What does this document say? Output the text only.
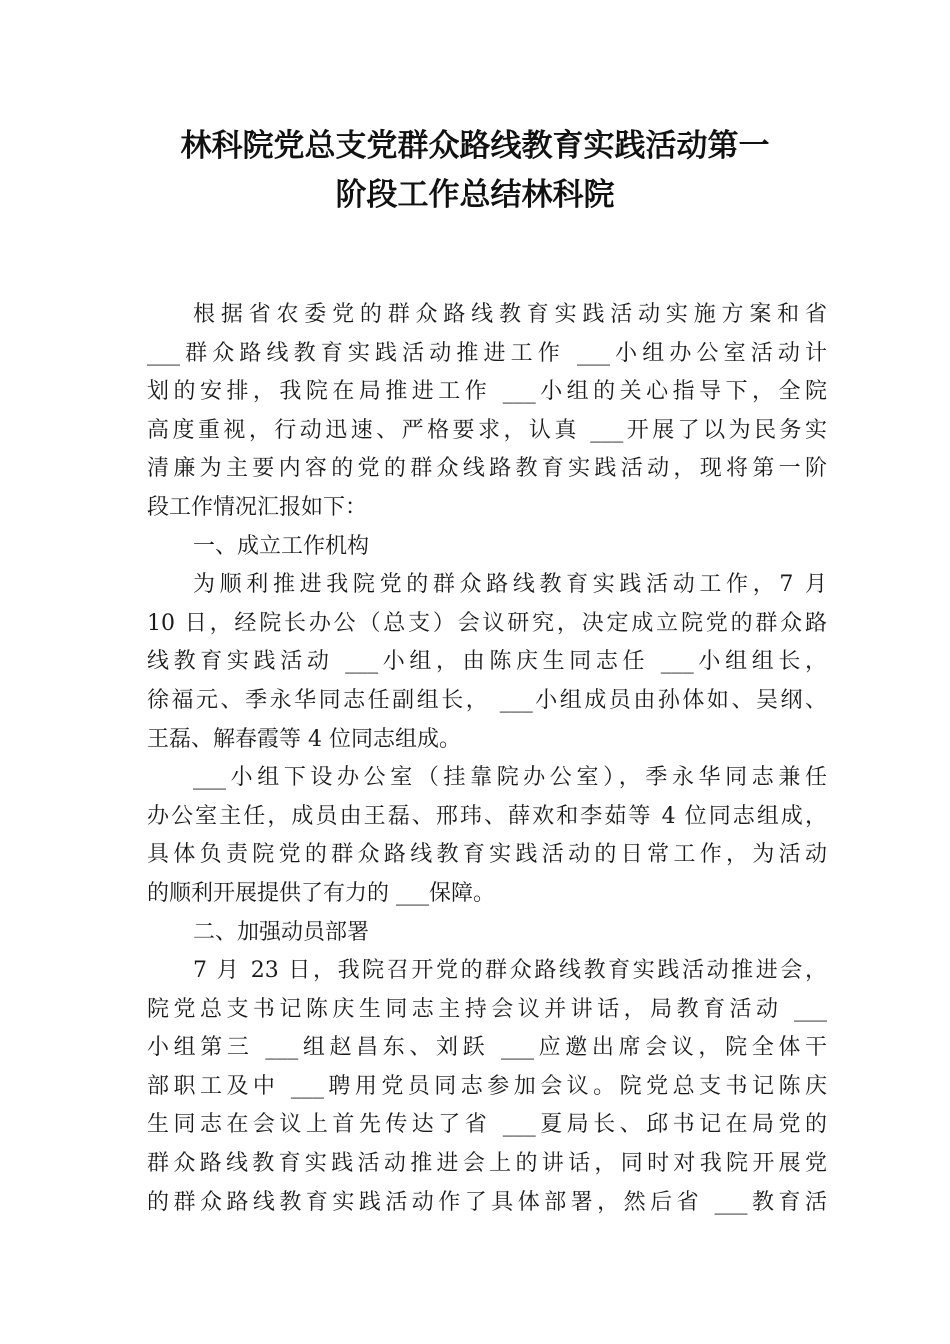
林科院党总支党群众路线教育实践活动第一
阶段工作总结林科院
根据省农委党的群众路线教育实践活动实施方案和省
___群众路线教育实践活动推进工作 ___小组办公室活动计
划的安排，我院在局推进工作 ___小组的关心指导下，全院
高度重视，行动迅速、严格要求，认真 ___开展了以为民务实
清廉为主要内容的党的群众线路教育实践活动，现将第一阶
段工作情况汇报如下：
一、成立工作机构
为顺利推进我院党的群众路线教育实践活动工作，7 月
10 日，经院长办公（总支）会议研究，决定成立院党的群众路
线教育实践活动 ___小组，由陈庆生同志任 ___小组组长，
徐福元、季永华同志任副组长， ___小组成员由孙体如、吴纲、
王磊、解春霞等 4 位同志组成。
___小组下设办公室（挂靠院办公室），季永华同志兼任
办公室主任，成员由王磊、邢玮、薛欢和李茹等 4 位同志组成，
具体负责院党的群众路线教育实践活动的日常工作，为活动
的顺利开展提供了有力的 ___保障。
二、加强动员部署
7 月 23 日，我院召开党的群众路线教育实践活动推进会，
院党总支书记陈庆生同志主持会议并讲话，局教育活动 ___
小组第三 ___组赵昌东、刘跃 ___应邀出席会议，院全体干
部职工及中 ___聘用党员同志参加会议。院党总支书记陈庆
生同志在会议上首先传达了省 ___夏局长、邱书记在局党的
群众路线教育实践活动推进会上的讲话，同时对我院开展党
的群众路线教育实践活动作了具体部署，然后省 ___教育活
